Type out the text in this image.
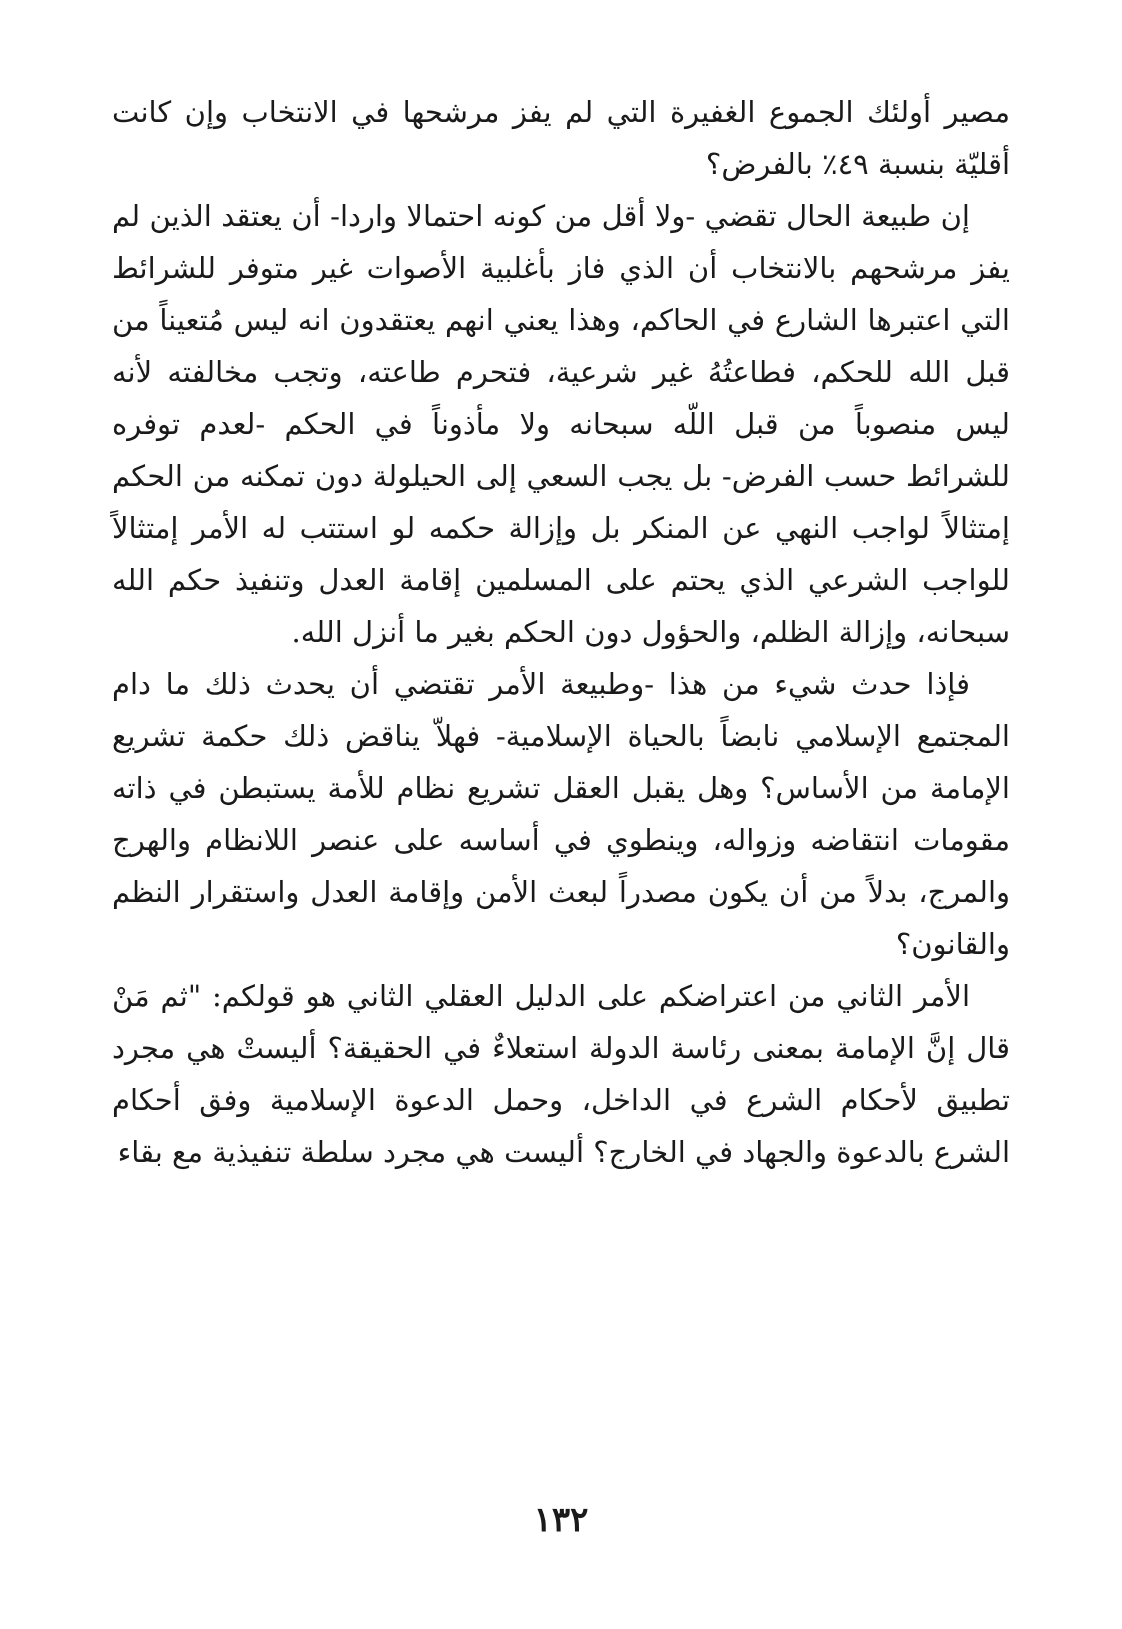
مصير أولئك الجموع الغفيرة التي لم يفز مرشحها في الانتخاب وإن كانت أقليّة بنسبة ٤٩٪ بالفرض؟

إن طبيعة الحال تقضي -ولا أقل من كونه احتمالا واردا- أن يعتقد الذين لم يفز مرشحهم بالانتخاب أن الذي فاز بأغلبية الأصوات غير متوفر للشرائط التي اعتبرها الشارع في الحاكم، وهذا يعني انهم يعتقدون انه ليس مُتعيناً من قبل الله للحكم، فطاعتُهُ غير شرعية، فتحرم طاعته، وتجب مخالفته لأنه ليس منصوباً من قبل اللّه سبحانه ولا مأذوناً في الحكم -لعدم توفره للشرائط حسب الفرض- بل يجب السعي إلى الحيلولة دون تمكنه من الحكم إمتثالاً لواجب النهي عن المنكر بل وإزالة حكمه لو استتب له الأمر إمتثالاً للواجب الشرعي الذي يحتم على المسلمين إقامة العدل وتنفيذ حكم الله سبحانه، وإزالة الظلم، والحؤول دون الحكم بغير ما أنزل الله.

فإذا حدث شيء من هذا -وطبيعة الأمر تقتضي أن يحدث ذلك ما دام المجتمع الإسلامي نابضاً بالحياة الإسلامية- فهلاّ يناقض ذلك حكمة تشريع الإمامة من الأساس؟ وهل يقبل العقل تشريع نظام للأمة يستبطن في ذاته مقومات انتقاضه وزواله، وينطوي في أساسه على عنصر اللانظام والهرج والمرج، بدلاً من أن يكون مصدراً لبعث الأمن وإقامة العدل واستقرار النظم والقانون؟

الأمر الثاني من اعتراضكم على الدليل العقلي الثاني هو قولكم: "ثم مَنْ قال إنَّ الإمامة بمعنى رئاسة الدولة استعلاءٌ في الحقيقة؟ أليستْ هي مجرد تطبيق لأحكام الشرع في الداخل، وحمل الدعوة الإسلامية وفق أحكام الشرع بالدعوة والجهاد في الخارج؟ أليست هي مجرد سلطة تنفيذية مع بقاء

١٣٢
